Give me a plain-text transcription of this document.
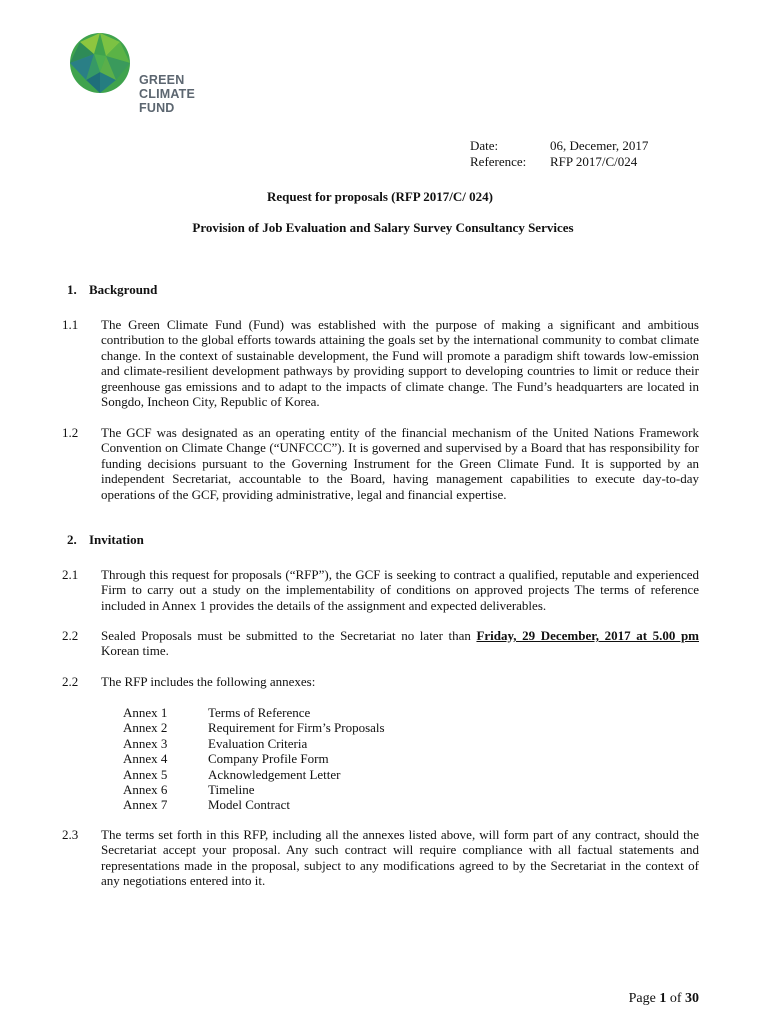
GREEN
CLIMATE
FUND
Date:	06, Decemer, 2017
Reference: RFP 2017/C/024
Request for proposals (RFP 2017/C/ 024)
Provision of Job Evaluation and Salary Survey Consultancy Services
1. Background
1.1 The Green Climate Fund (Fund) was established with the purpose of making a significant and ambitious contribution to the global efforts towards attaining the goals set by the international community to combat climate change. In the context of sustainable development, the Fund will promote a paradigm shift towards low-emission and climate-resilient development pathways by providing support to developing countries to limit or reduce their greenhouse gas emissions and to adapt to the impacts of climate change. The Fund’s headquarters are located in Songdo, Incheon City, Republic of Korea.
1.2 The GCF was designated as an operating entity of the financial mechanism of the United Nations Framework Convention on Climate Change (“UNFCCC”). It is governed and supervised by a Board that has responsibility for funding decisions pursuant to the Governing Instrument for the Green Climate Fund. It is supported by an independent Secretariat, accountable to the Board, having management capabilities to execute day-to-day operations of the GCF, providing administrative, legal and financial expertise.
2. Invitation
2.1 Through this request for proposals (“RFP”), the GCF is seeking to contract a qualified, reputable and experienced Firm to carry out a study on the implementability of conditions on approved projects The terms of reference included in Annex 1 provides the details of the assignment and expected deliverables.
2.2 Sealed Proposals must be submitted to the Secretariat no later than Friday, 29 December, 2017 at 5.00 pm Korean time.
2.2 The RFP includes the following annexes:
Annex 1	Terms of Reference
Annex 2	Requirement for Firm’s Proposals
Annex 3	Evaluation Criteria
Annex 4	Company Profile Form
Annex 5	Acknowledgement Letter
Annex 6	Timeline
Annex 7	Model Contract
2.3 The terms set forth in this RFP, including all the annexes listed above, will form part of any contract, should the Secretariat accept your proposal. Any such contract will require compliance with all factual statements and representations made in the proposal, subject to any modifications agreed to by the Secretariat in the context of any negotiations entered into it.
Page 1 of 30
